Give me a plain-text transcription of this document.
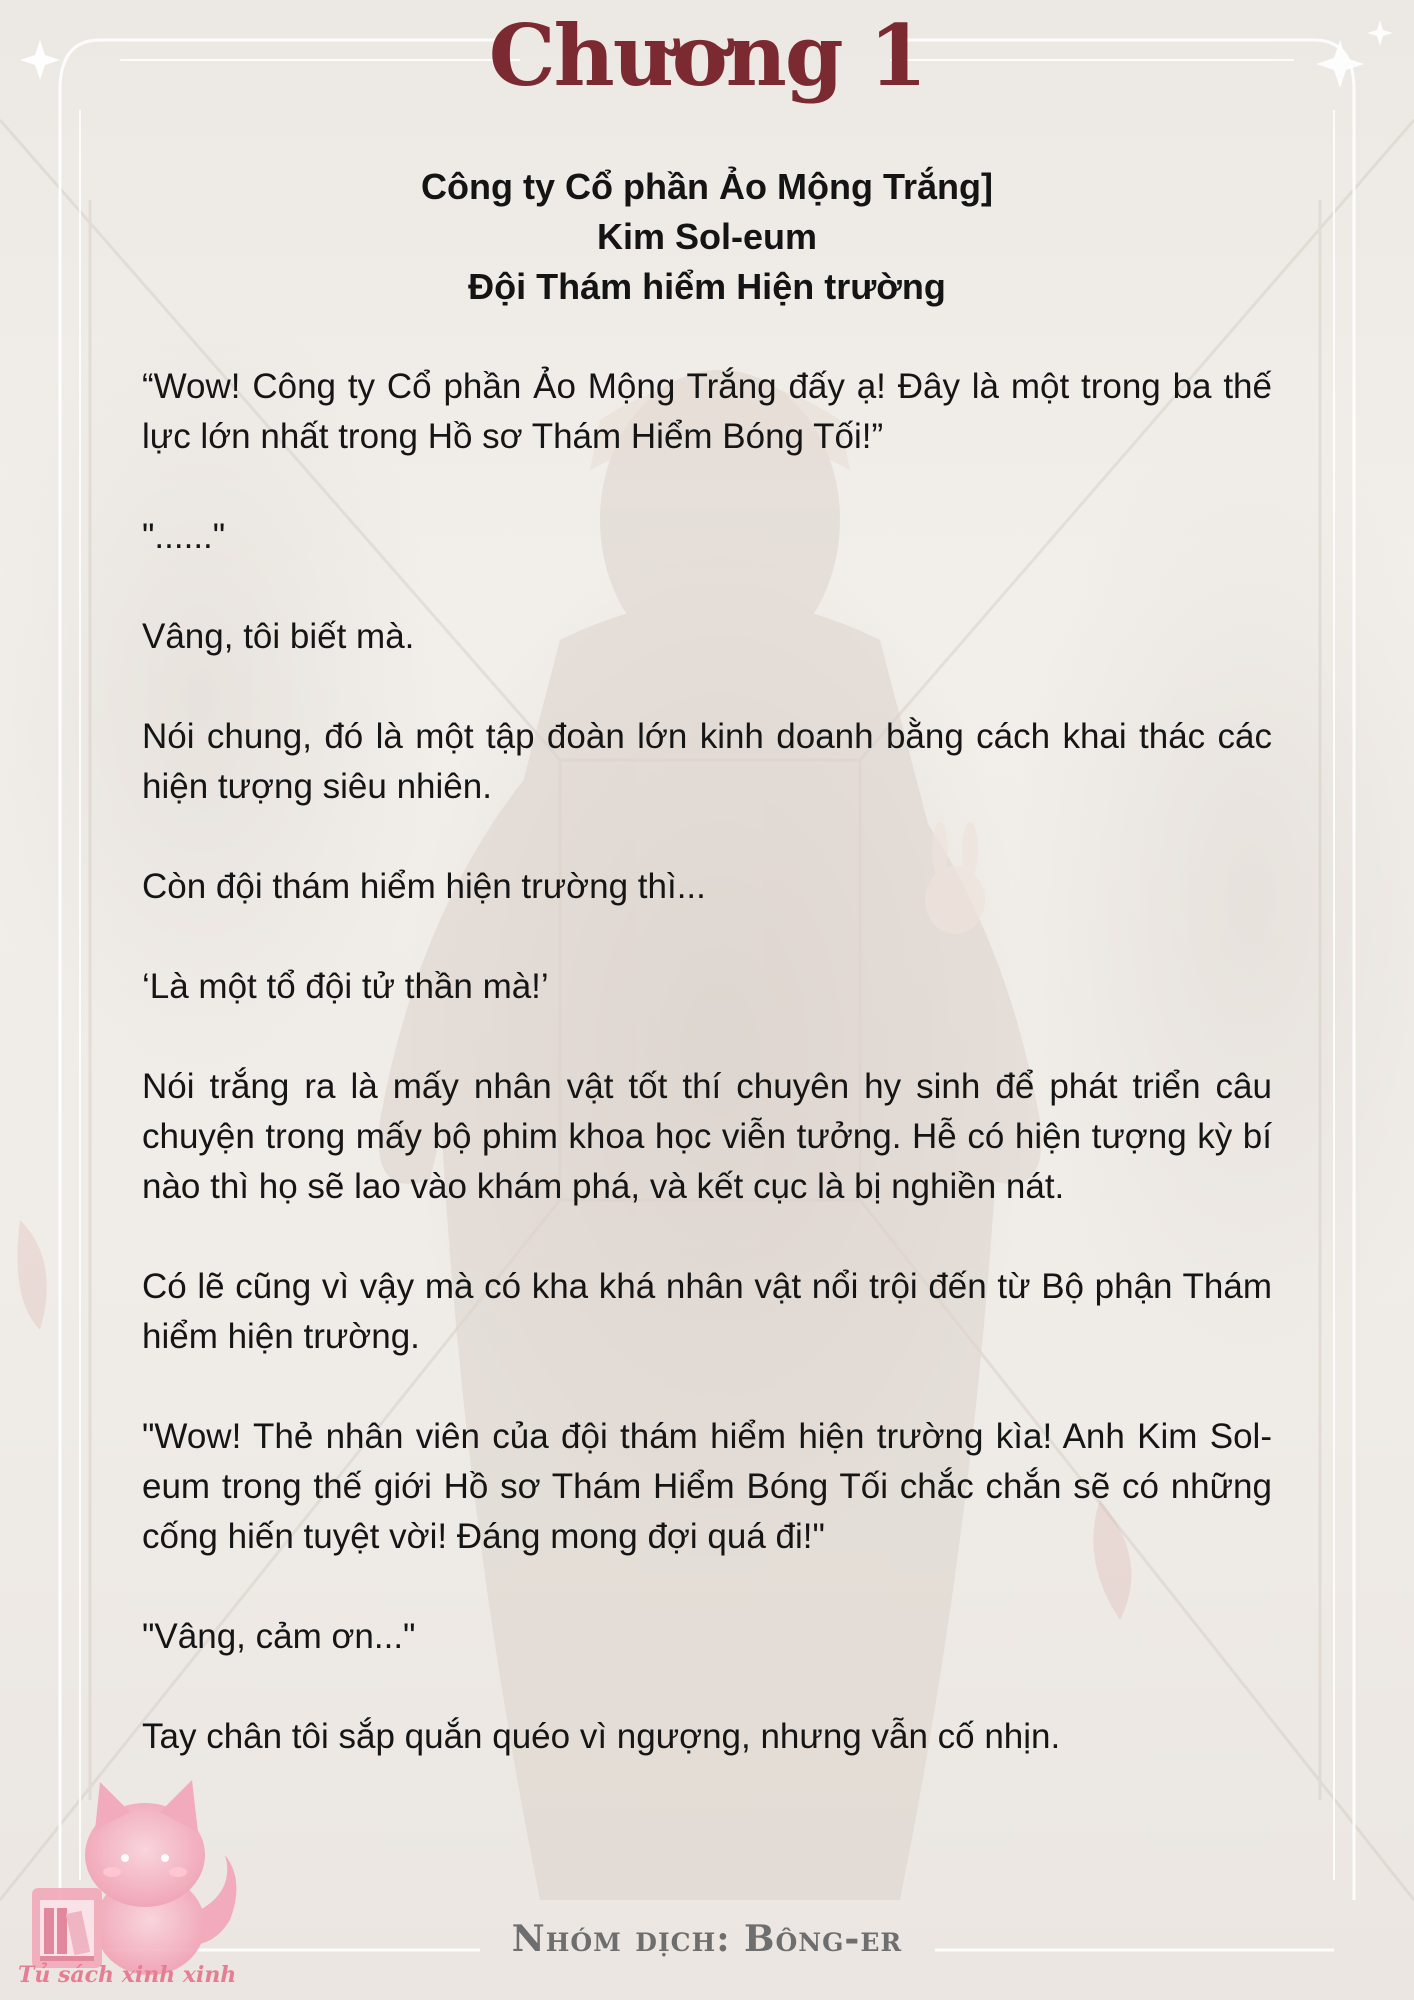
Chương 1
Công ty Cổ phần Ảo Mộng Trắng]
Kim Sol-eum
Đội Thám hiểm Hiện trường

“Wow! Công ty Cổ phần Ảo Mộng Trắng đấy ạ! Đây là một trong ba thế lực lớn nhất trong Hồ sơ Thám Hiểm Bóng Tối!”

"......"

Vâng, tôi biết mà.

Nói chung, đó là một tập đoàn lớn kinh doanh bằng cách khai thác các hiện tượng siêu nhiên.

Còn đội thám hiểm hiện trường thì...

‘Là một tổ đội tử thần mà!’

Nói trắng ra là mấy nhân vật tốt thí chuyên hy sinh để phát triển câu chuyện trong mấy bộ phim khoa học viễn tưởng. Hễ có hiện tượng kỳ bí nào thì họ sẽ lao vào khám phá, và kết cục là bị nghiền nát.

Có lẽ cũng vì vậy mà có kha khá nhân vật nổi trội đến từ Bộ phận Thám hiểm hiện trường.

"Wow! Thẻ nhân viên của đội thám hiểm hiện trường kìa! Anh Kim Sol-eum trong thế giới Hồ sơ Thám Hiểm Bóng Tối chắc chắn sẽ có những cống hiến tuyệt vời! Đáng mong đợi quá đi!"

"Vâng, cảm ơn..."

Tay chân tôi sắp quắn quéo vì ngượng, nhưng vẫn cố nhịn.

Tủ sách xinh xinh
Nhóm dịch: Bông-er
